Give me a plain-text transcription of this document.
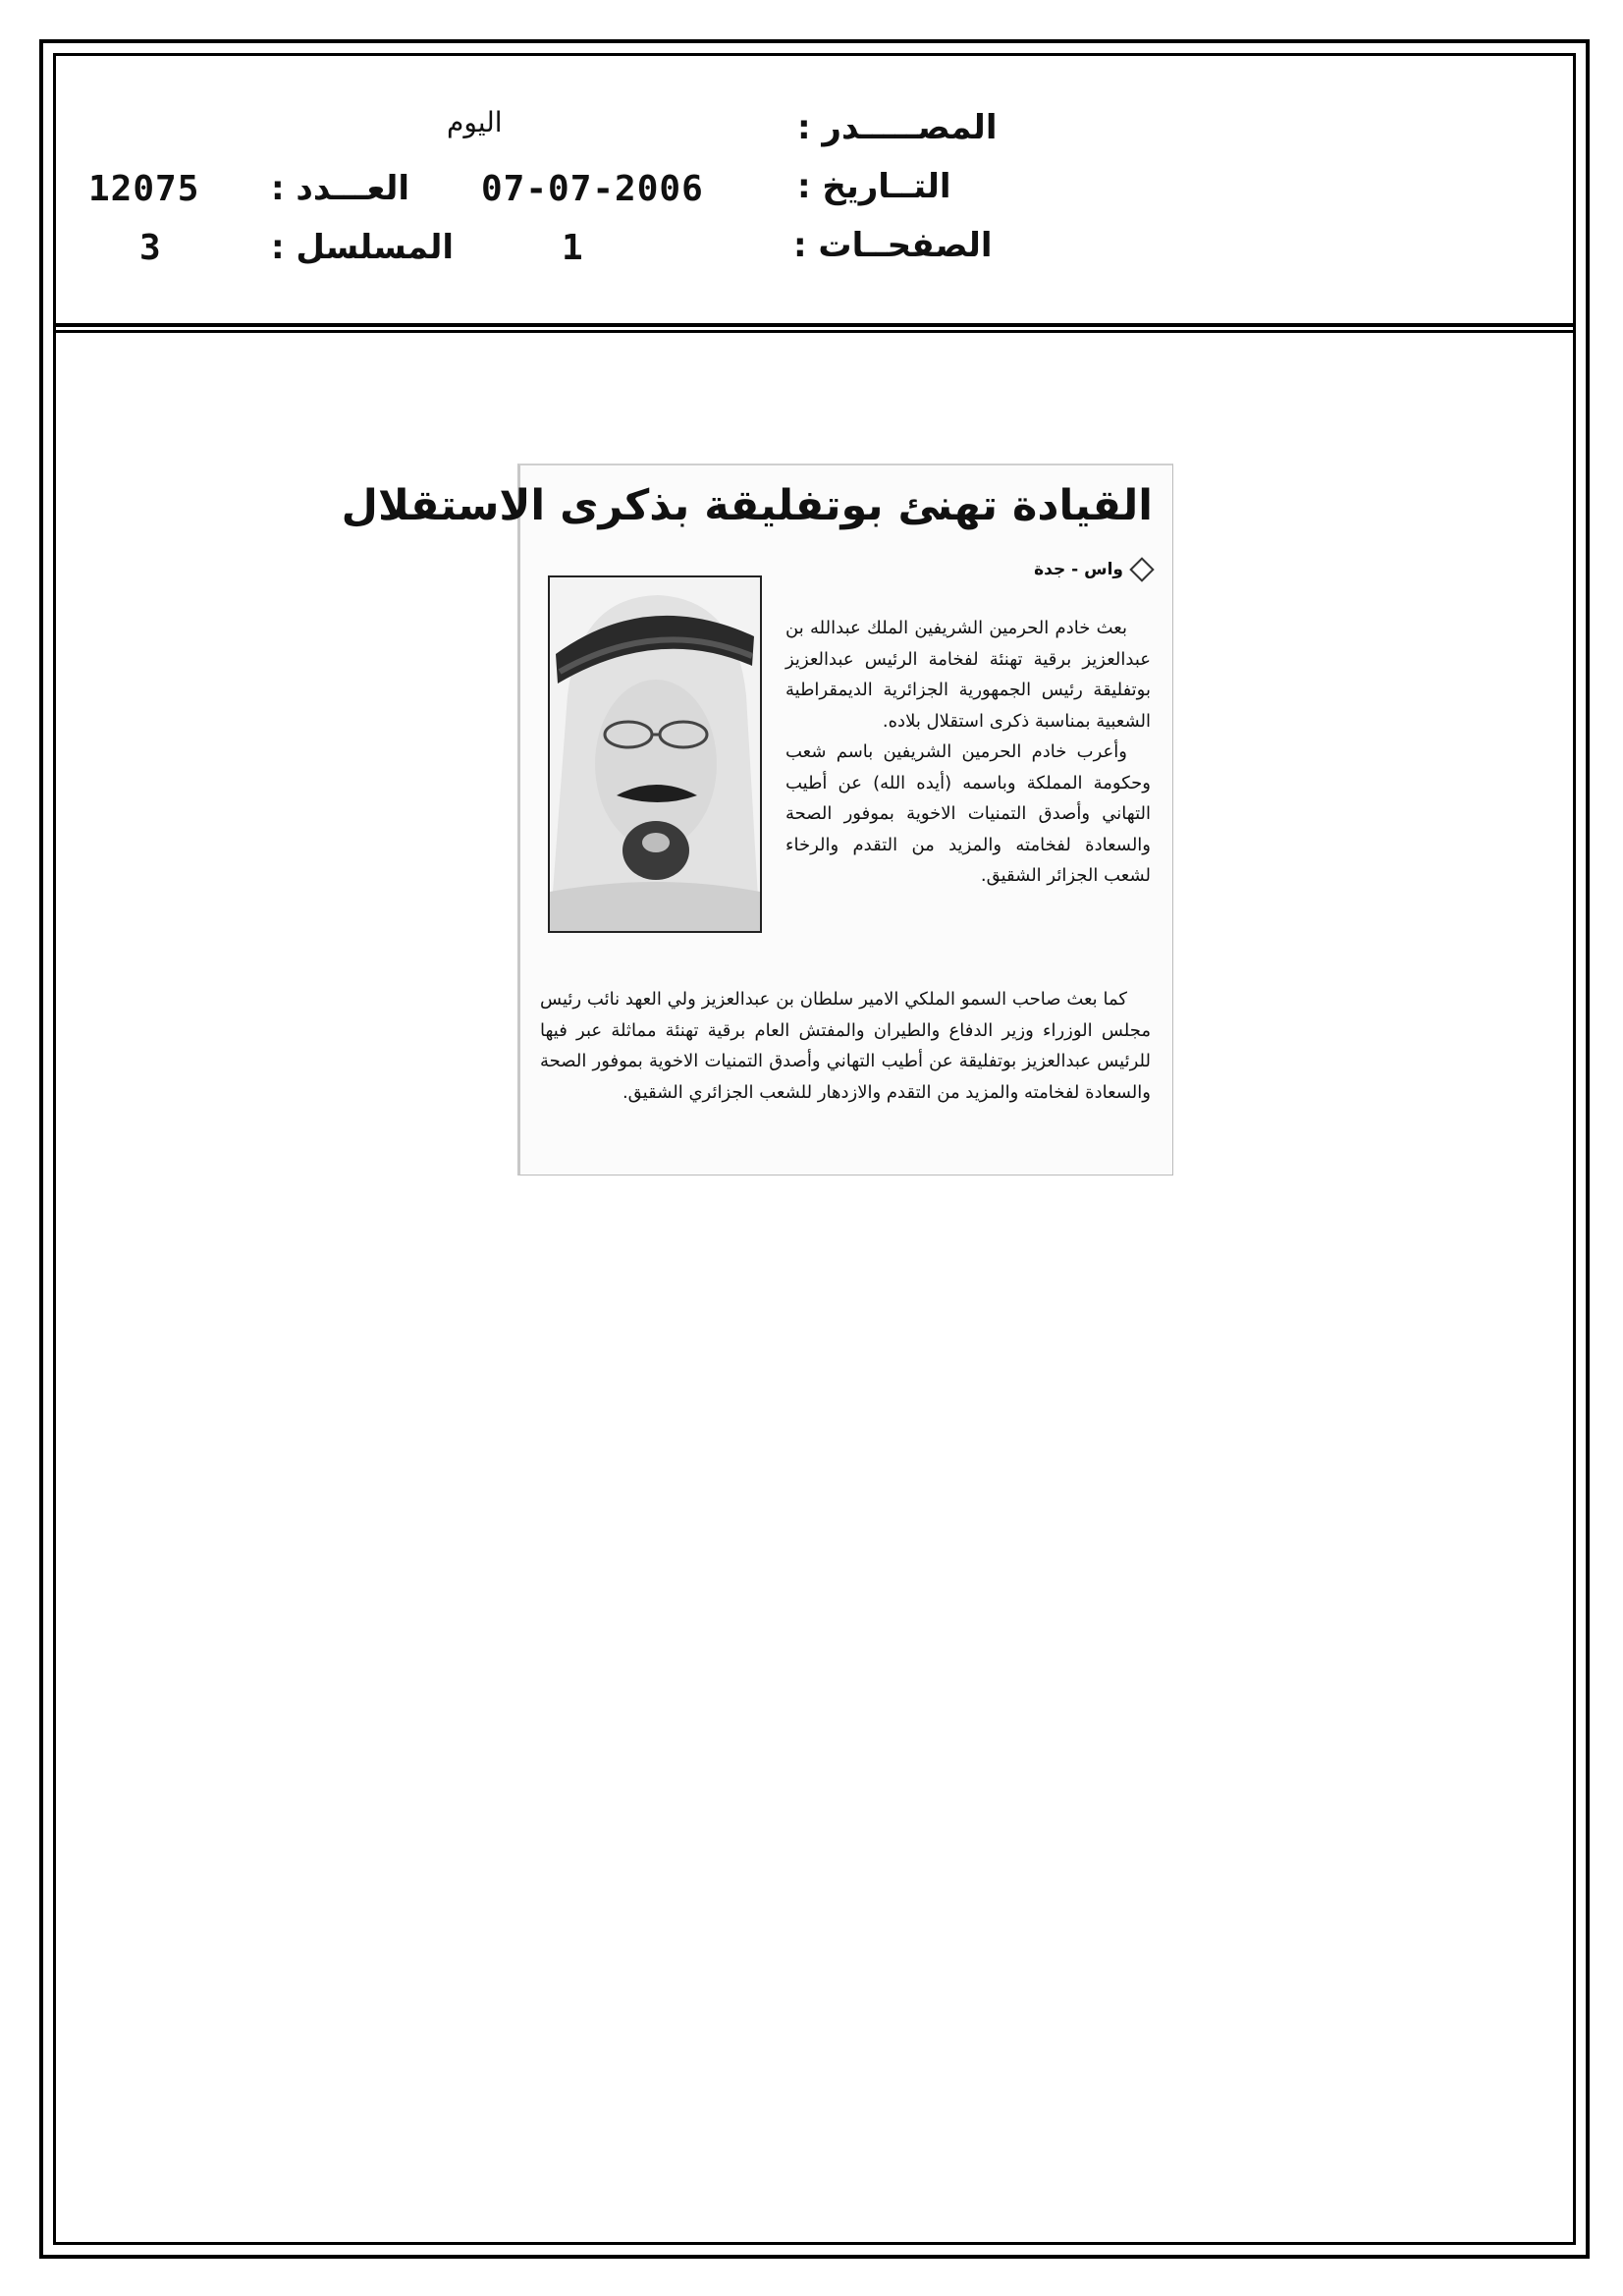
المصـــــدر :
اليوم
التــاريخ :
07-07-2006
العـــدد :
12075
الصفحــات :
1
المسلسل :
3
القيادة تهنئ بوتفليقة بذكرى الاستقلال
واس - جدة

بعث خادم الحرمين الشريفين الملك عبدالله بن عبدالعزيز برقية تهنئة لفخامة الرئيس عبدالعزيز بوتفليقة رئيس الجمهورية الجزائرية الديمقراطية الشعبية بمناسبة ذكرى استقلال بلاده.

وأعرب خادم الحرمين الشريفين باسم شعب وحكومة المملكة وباسمه (أيده الله) عن أطيب التهاني وأصدق التمنيات الاخوية بموفور الصحة والسعادة لفخامته والمزيد من التقدم والرخاء لشعب الجزائر الشقيق.

كما بعث صاحب السمو الملكي الامير سلطان بن عبدالعزيز ولي العهد نائب رئيس مجلس الوزراء وزير الدفاع والطيران والمفتش العام برقية تهنئة مماثلة عبر فيها للرئيس عبدالعزيز بوتفليقة عن أطيب التهاني وأصدق التمنيات الاخوية بموفور الصحة والسعادة لفخامته والمزيد من التقدم والازدهار للشعب الجزائري الشقيق.
